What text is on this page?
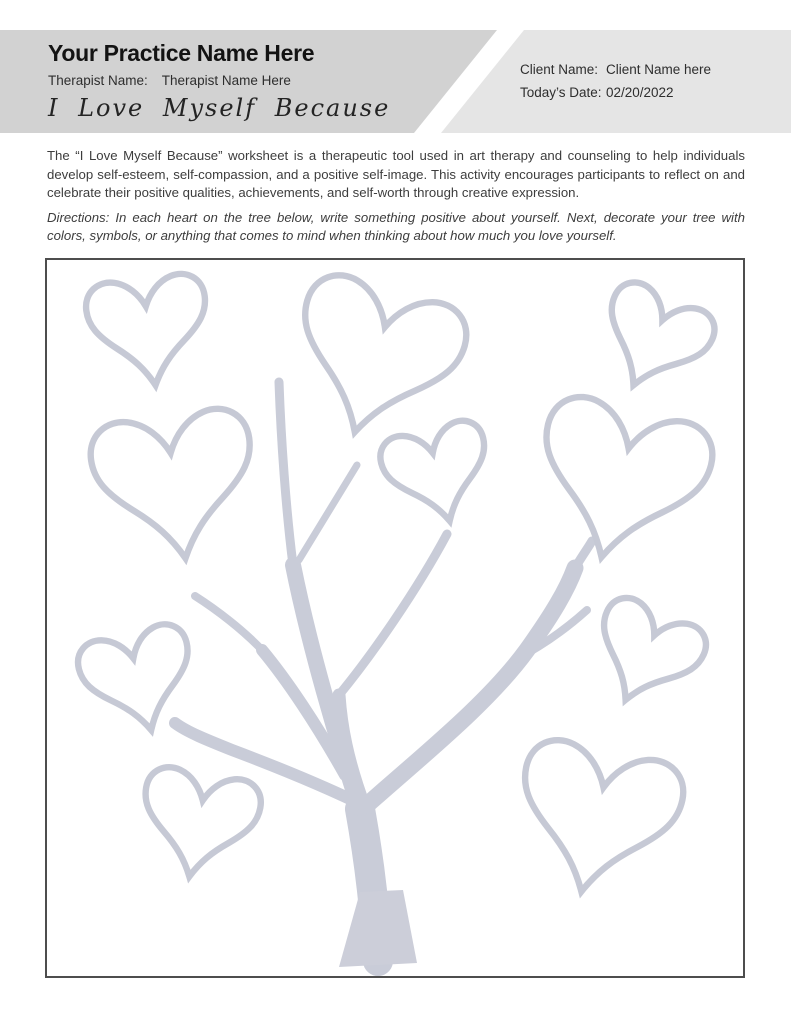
Your Practice Name Here
Therapist Name: Therapist Name Here
I Love Myself Because
Client Name: Client Name here
Today’s Date: 02/20/2022

The “I Love Myself Because” worksheet is a therapeutic tool used in art therapy and counseling to help individuals develop self-esteem, self-compassion, and a positive self-image. This activity encourages participants to reflect on and celebrate their positive qualities, achievements, and self-worth through creative expression.

Directions: In each heart on the tree below, write something positive about yourself. Next, decorate your tree with colors, symbols, or anything that comes to mind when thinking about how much you love yourself.
